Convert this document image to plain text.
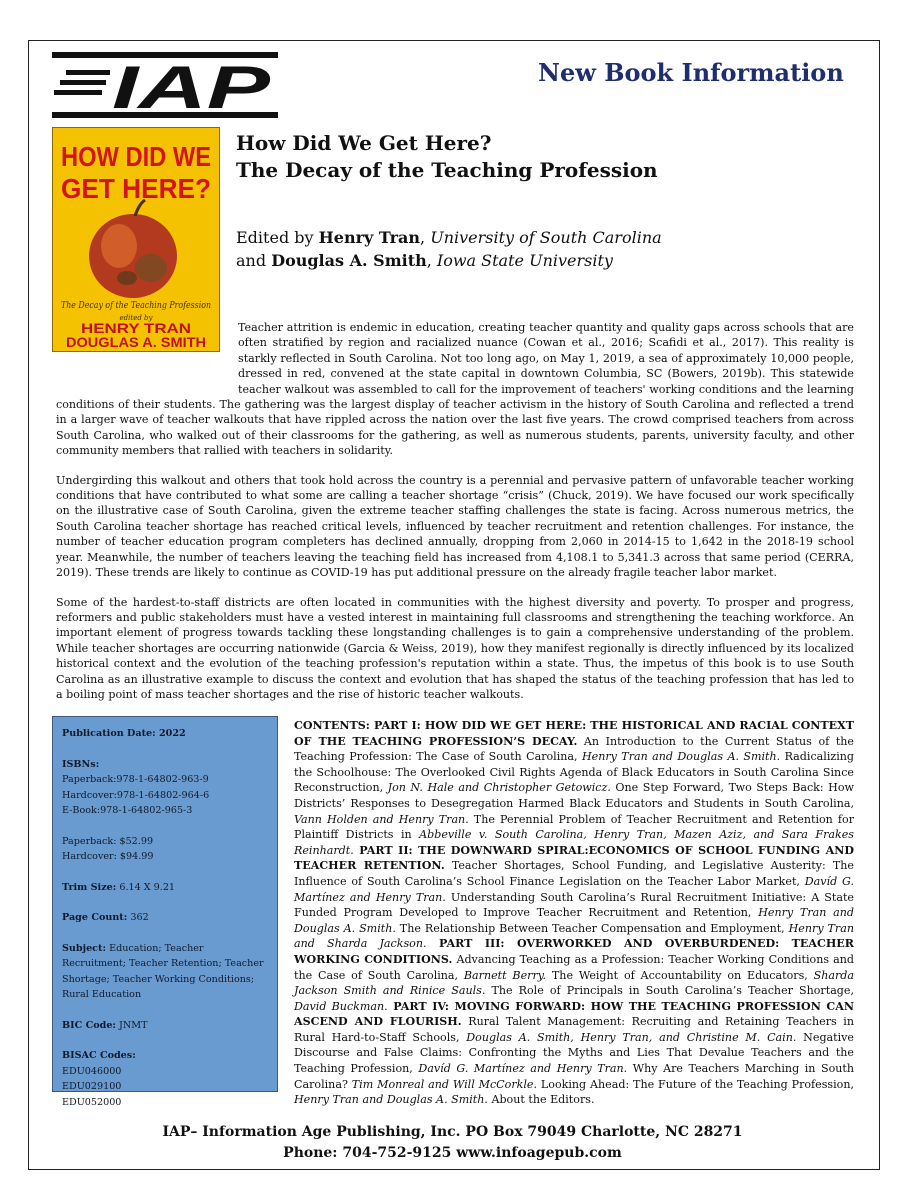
IAP	New Book Information
HOW DID WE
GET HERE?
The Decay of the Teaching Profession
edited by
HENRY TRAN
DOUGLAS A. SMITH
How Did We Get Here?
The Decay of the Teaching Profession
Edited by Henry Tran, University of South Carolina
and Douglas A. Smith, Iowa State University

Teacher attrition is endemic in education, creating teacher quantity and quality gaps across schools that are often stratified by region and racialized nuance (Cowan et al., 2016; Scafidi et al., 2017). This reality is starkly reflected in South Carolina. Not too long ago, on May 1, 2019, a sea of approximately 10,000 people, dressed in red, convened at the state capital in downtown Columbia, SC (Bowers, 2019b). This statewide teacher walkout was assembled to call for the improvement of teachers' working conditions and the learning conditions of their students. The gathering was the largest display of teacher activism in the history of South Carolina and reflected a trend in a larger wave of teacher walkouts that have rippled across the nation over the last five years. The crowd comprised teachers from across South Carolina, who walked out of their classrooms for the gathering, as well as numerous students, parents, university faculty, and other community members that rallied with teachers in solidarity.

Undergirding this walkout and others that took hold across the country is a perennial and pervasive pattern of unfavorable teacher working conditions that have contributed to what some are calling a teacher shortage “crisis” (Chuck, 2019). We have focused our work specifically on the illustrative case of South Carolina, given the extreme teacher staffing challenges the state is facing. Across numerous metrics, the South Carolina teacher shortage has reached critical levels, influenced by teacher recruitment and retention challenges. For instance, the number of teacher education program completers has declined annually, dropping from 2,060 in 2014-15 to 1,642 in the 2018-19 school year. Meanwhile, the number of teachers leaving the teaching field has increased from 4,108.1 to 5,341.3 across that same period (CERRA, 2019). These trends are likely to continue as COVID-19 has put additional pressure on the already fragile teacher labor market.

Some of the hardest-to-staff districts are often located in communities with the highest diversity and poverty. To prosper and progress, reformers and public stakeholders must have a vested interest in maintaining full classrooms and strengthening the teaching workforce. An important element of progress towards tackling these longstanding challenges is to gain a comprehensive understanding of the problem. While teacher shortages are occurring nationwide (Garcia & Weiss, 2019), how they manifest regionally is directly influenced by its localized historical context and the evolution of the teaching profession's reputation within a state. Thus, the impetus of this book is to use South Carolina as an illustrative example to discuss the context and evolution that has shaped the status of the teaching profession that has led to a boiling point of mass teacher shortages and the rise of historic teacher walkouts.

Publication Date: 2022
ISBNs:
Paperback:978-1-64802-963-9
Hardcover:978-1-64802-964-6
E-Book:978-1-64802-965-3
Paperback: $52.99
Hardcover: $94.99
Trim Size: 6.14 X 9.21
Page Count: 362
Subject: Education; Teacher Recruitment; Teacher Retention; Teacher Shortage; Teacher Working Conditions; Rural Education
BIC Code: JNMT
BISAC Codes:
EDU046000
EDU029100
EDU052000
CONTENTS: PART I: HOW DID WE GET HERE: THE HISTORICAL AND RACIAL CONTEXT OF THE TEACHING PROFESSION’S DECAY. An Introduction to the Current Status of the Teaching Profession: The Case of South Carolina, Henry Tran and Douglas A. Smith. Radicalizing the Schoolhouse: The Overlooked Civil Rights Agenda of Black Educators in South Carolina Since Reconstruction, Jon N. Hale and Christopher Getowicz. One Step Forward, Two Steps Back: How Districts’ Responses to Desegregation Harmed Black Educators and Students in South Carolina, Vann Holden and Henry Tran. The Perennial Problem of Teacher Recruitment and Retention for Plaintiff Districts in Abbeville v. South Carolina, Henry Tran, Mazen Aziz, and Sara Frakes Reinhardt. PART II: THE DOWNWARD SPIRAL:ECONOMICS OF SCHOOL FUNDING AND TEACHER RETENTION. Teacher Shortages, School Funding, and Legislative Austerity: The Influence of South Carolina’s School Finance Legislation on the Teacher Labor Market, Davíd G. Martínez and Henry Tran. Understanding South Carolina’s Rural Recruitment Initiative: A State Funded Program Developed to Improve Teacher Recruitment and Retention, Henry Tran and Douglas A. Smith. The Relationship Between Teacher Compensation and Employment, Henry Tran and Sharda Jackson. PART III: OVERWORKED AND OVERBURDENED: TEACHER WORKING CONDITIONS. Advancing Teaching as a Profession: Teacher Working Conditions and the Case of South Carolina, Barnett Berry. The Weight of Accountability on Educators, Sharda Jackson Smith and Rinice Sauls. The Role of Principals in South Carolina’s Teacher Shortage, David Buckman. PART IV: MOVING FORWARD: HOW THE TEACHING PROFESSION CAN ASCEND AND FLOURISH. Rural Talent Management: Recruiting and Retaining Teachers in Rural Hard-to-Staff Schools, Douglas A. Smith, Henry Tran, and Christine M. Cain. Negative Discourse and False Claims: Confronting the Myths and Lies That Devalue Teachers and the Teaching Profession, Davíd G. Martínez and Henry Tran. Why Are Teachers Marching in South Carolina? Tim Monreal and Will McCorkle. Looking Ahead: The Future of the Teaching Profession, Henry Tran and Douglas A. Smith. About the Editors.
IAP– Information Age Publishing, Inc. PO Box 79049 Charlotte, NC 28271
Phone: 704-752-9125 www.infoagepub.com
